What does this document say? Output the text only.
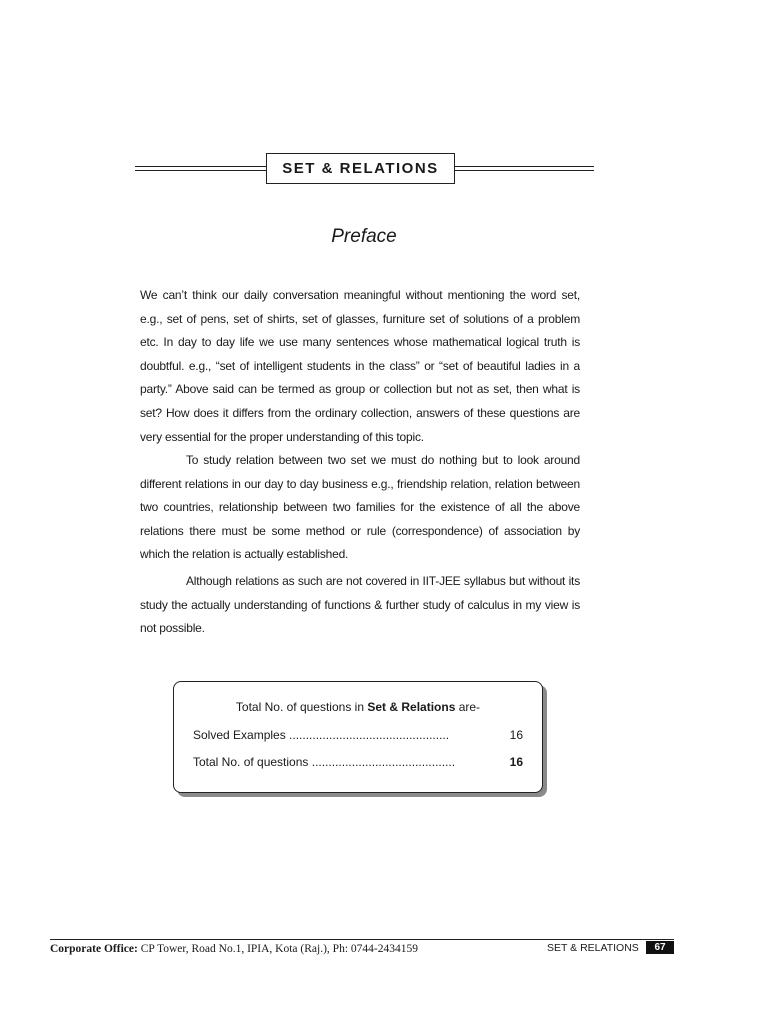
SET & RELATIONS
Preface

We can’t think our daily conversation meaningful without mentioning the word set, e.g., set of pens, set of shirts, set of glasses, furniture set of solutions of a problem etc. In day to day life we use many sentences whose mathematical logical truth is doubtful. e.g., “set of intelligent students in the class” or “set of beautiful ladies in a party.” Above said can be termed as group or collection but not as set, then what is set? How does it differs from the ordinary collection, answers of these questions are very essential for the proper understanding of this topic.

To study relation between two set we must do nothing but to look around different relations in our day to day business e.g., friendship relation, relation between two countries, relationship between two families for the existence of all the above relations there must be some method or rule (correspondence) of association by which the relation is actually established.

Although relations as such are not covered in IIT-JEE syllabus but without its study the actually understanding of functions & further study of calculus in my view is not possible.

Total No. of questions in Set & Relations are-
Solved Examples ................................................	16
Total No. of questions ...........................................	16
Corporate Office: CP Tower, Road No.1, IPIA, Kota (Raj.), Ph: 0744-2434159	SET & RELATIONS	67
